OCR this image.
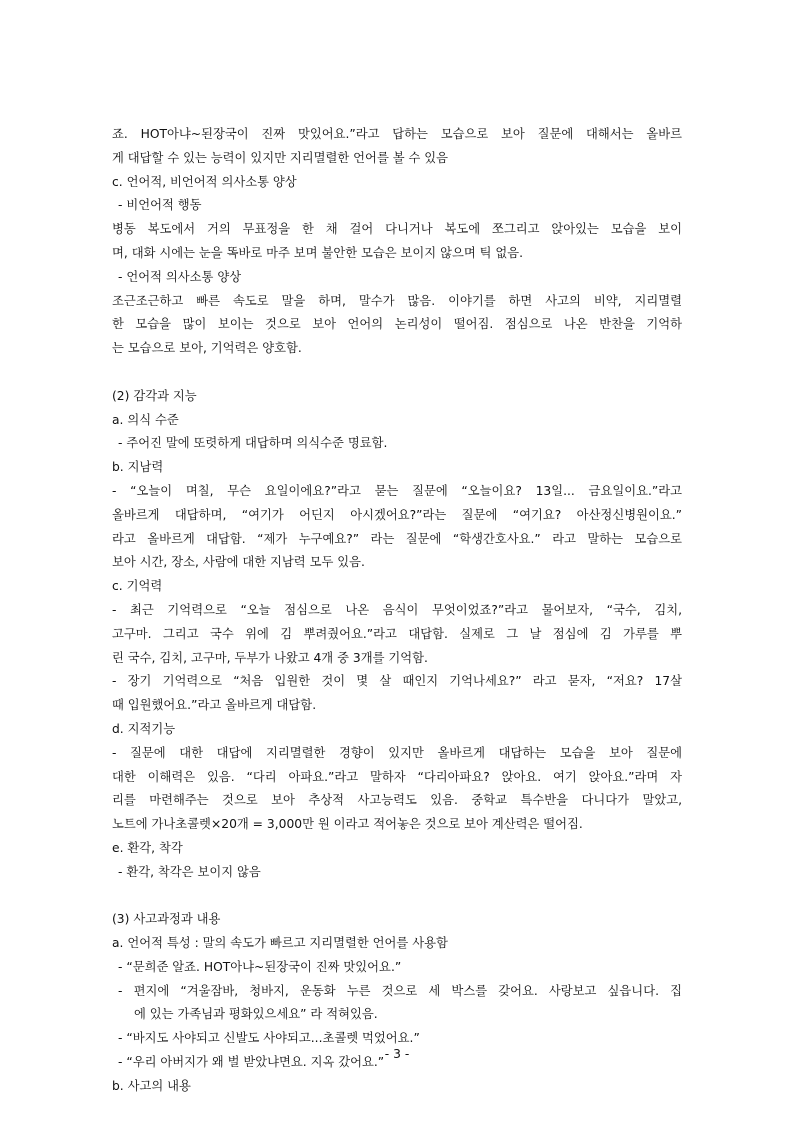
죠. HOT아냐~된장국이 진짜 맛있어요.”라고 답하는 모습으로 보아 질문에 대해서는 올바르

게 대답할 수 있는 능력이 있지만 지리멸렬한 언어를 볼 수 있음

c. 언어적, 비언어적 의사소통 양상

- 비언어적 행동

병동 복도에서 거의 무표정을 한 채 걸어 다니거나 복도에 쪼그리고 앉아있는 모습을 보이

며, 대화 시에는 눈을 똑바로 마주 보며 불안한 모습은 보이지 않으며 틱 없음.

- 언어적 의사소통 양상

조근조근하고 빠른 속도로 말을 하며, 말수가 많음. 이야기를 하면 사고의 비약, 지리멸렬

한 모습을 많이 보이는 것으로 보아 언어의 논리성이 떨어짐. 점심으로 나온 반찬을 기억하

는 모습으로 보아, 기억력은 양호함.

(2) 감각과 지능

a. 의식 수준

- 주어진 말에 또렷하게 대답하며 의식수준 명료함.

b. 지남력

- “오늘이 며칠, 무슨 요일이에요?”라고 묻는 질문에 “오늘이요? 13일... 금요일이요.”라고

올바르게 대답하며, “여기가 어딘지 아시겠어요?”라는 질문에 “여기요? 아산정신병원이요.”

라고 올바르게 대답함. “제가 누구예요?” 라는 질문에 “학생간호사요.” 라고 말하는 모습으로

보아 시간, 장소, 사람에 대한 지남력 모두 있음.

c. 기억력

- 최근 기억력으로 “오늘 점심으로 나온 음식이 무엇이었죠?”라고 물어보자, “국수, 김치,

고구마. 그리고 국수 위에 김 뿌려줬어요.”라고 대답함. 실제로 그 날 점심에 김 가루를 뿌

린 국수, 김치, 고구마, 두부가 나왔고 4개 중 3개를 기억함.

- 장기 기억력으로 “처음 입원한 것이 몇 살 때인지 기억나세요?” 라고 묻자, “저요? 17살

때 입원했어요.”라고 올바르게 대답함.

d. 지적기능

- 질문에 대한 대답에 지리멸렬한 경향이 있지만 올바르게 대답하는 모습을 보아 질문에

대한 이해력은 있음. “다리 아파요.”라고 말하자 “다리아파요? 앉아요. 여기 앉아요.”라며 자

리를 마련해주는 것으로 보아 추상적 사고능력도 있음. 중학교 특수반을 다니다가 말았고,

노트에 가나초콜렛×20개 = 3,000만 원 이라고 적어놓은 것으로 보아 계산력은 떨어짐.

e. 환각, 착각

- 환각, 착각은 보이지 않음

(3) 사고과정과 내용

a. 언어적 특성 : 말의 속도가 빠르고 지리멸렬한 언어를 사용함

- “문희준 알죠. HOT아냐~된장국이 진짜 맛있어요.”

- 편지에 “겨울잠바, 청바지, 운동화 누른 것으로 세 박스를 갖어요. 사랑보고 싶읍니다. 집

에 있는 가족님과 평화있으세요” 라 적혀있음.

- “바지도 사야되고 신발도 사야되고...초콜렛 먹었어요.”

- “우리 아버지가 왜 벌 받았냐면요. 지옥 갔어요.”

b. 사고의 내용

- 3 -
